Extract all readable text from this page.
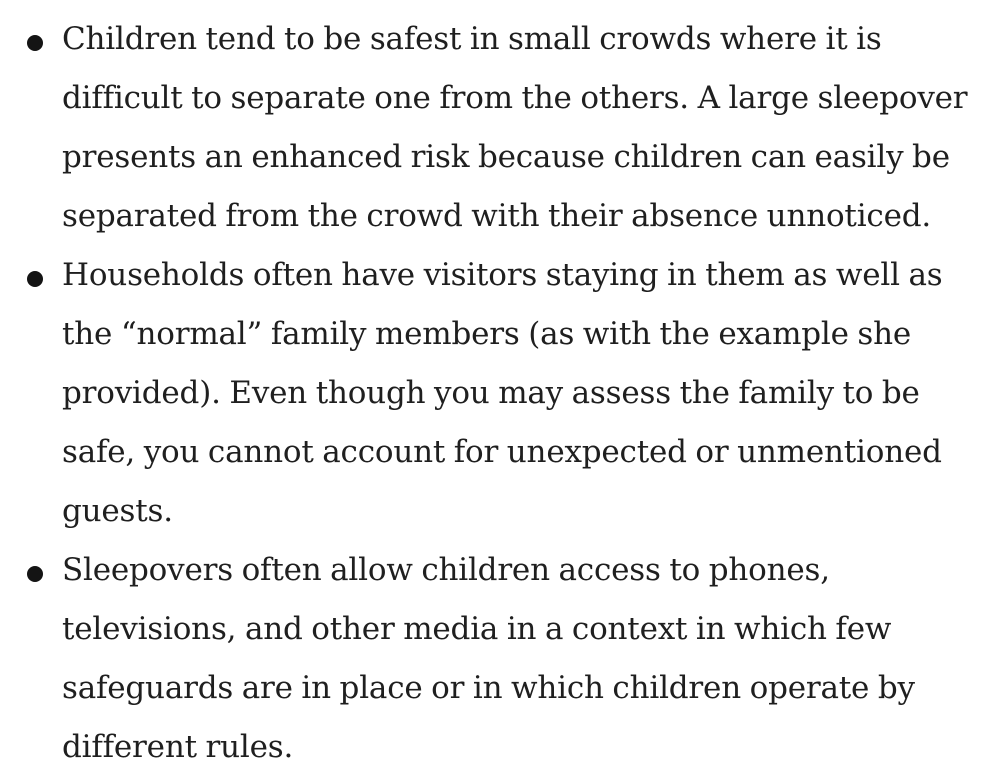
Children tend to be safest in small crowds where it is difficult to separate one from the others. A large sleepover presents an enhanced risk because children can easily be separated from the crowd with their absence unnoticed.
Households often have visitors staying in them as well as the “normal” family members (as with the example she provided). Even though you may assess the family to be safe, you cannot account for unexpected or unmentioned guests.
Sleepovers often allow children access to phones, televisions, and other media in a context in which few safeguards are in place or in which children operate by different rules.
